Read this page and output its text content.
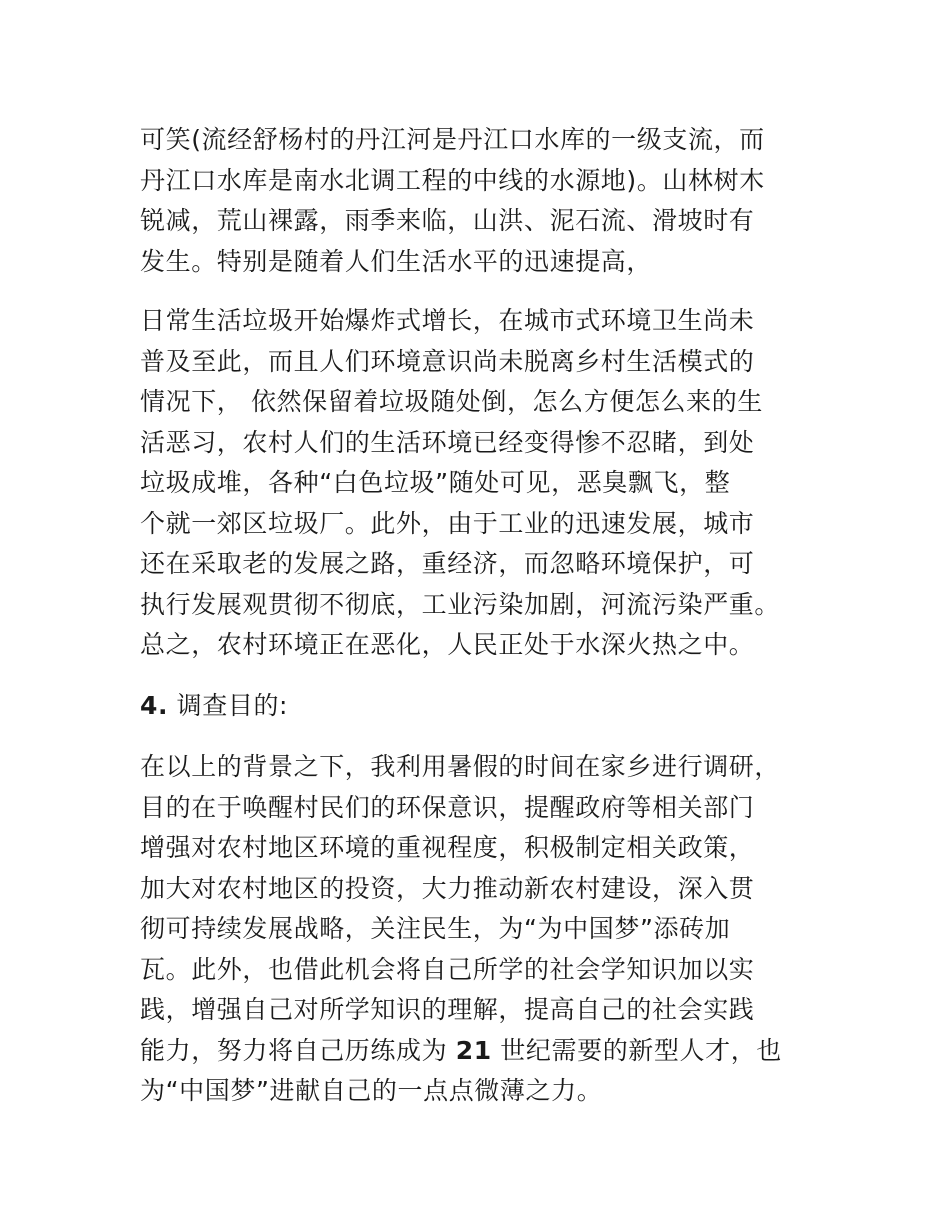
可笑(流经舒杨村的丹江河是丹江口水库的一级支流，而
丹江口水库是南水北调工程的中线的水源地)。山林树木
锐减，荒山裸露，雨季来临，山洪、泥石流、滑坡时有
发生。特别是随着人们生活水平的迅速提高，

日常生活垃圾开始爆炸式增长，在城市式环境卫生尚未
普及至此，而且人们环境意识尚未脱离乡村生活模式的
情况下， 依然保留着垃圾随处倒，怎么方便怎么来的生
活恶习，农村人们的生活环境已经变得惨不忍睹，到处
垃圾成堆，各种“白色垃圾”随处可见，恶臭飘飞，整
个就一郊区垃圾厂。此外，由于工业的迅速发展，城市
还在采取老的发展之路，重经济，而忽略环境保护，可
执行发展观贯彻不彻底，工业污染加剧，河流污染严重。
总之，农村环境正在恶化，人民正处于水深火热之中。

4. 调查目的:

在以上的背景之下，我利用暑假的时间在家乡进行调研，
目的在于唤醒村民们的环保意识，提醒政府等相关部门
增强对农村地区环境的重视程度，积极制定相关政策，
加大对农村地区的投资，大力推动新农村建设，深入贯
彻可持续发展战略，关注民生，为“为中国梦”添砖加
瓦。此外，也借此机会将自己所学的社会学知识加以实
践，增强自己对所学知识的理解，提高自己的社会实践
能力，努力将自己历练成为 21 世纪需要的新型人才，也
为“中国梦”进献自己的一点点微薄之力。
